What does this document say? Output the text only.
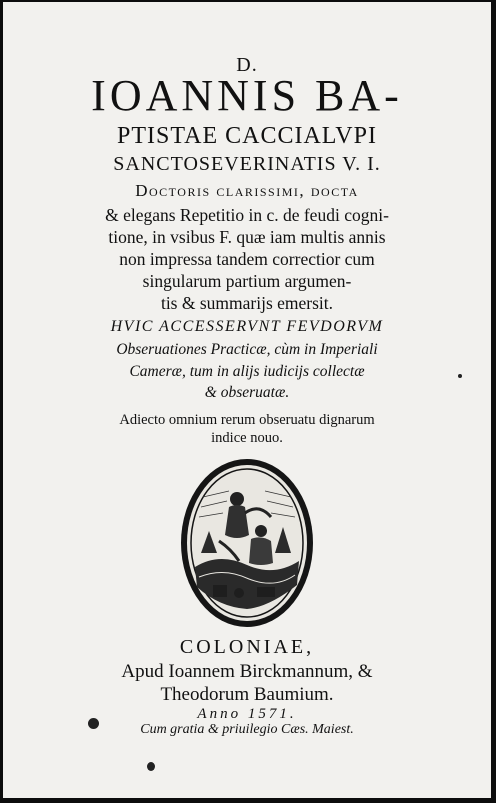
D.
IOANNIS BA-
PTISTAE CACCIALVPI
SANCTOSEVERINATIS V. I.
Doctoris clarissimi, docta
& elegans Repetitio in c. de feudi cogni-
tione, in vsibus F. quæ iam multis annis
non impressa tandem correctior cum
singularum partium argumen-
tis & summarijs emersit.
HVIC ACCESSERVNT FEVDORVM
Obseruationes Practicæ, cùm in Imperiali
Cameræ, tum in alijs iudicijs collectæ
& obseruatæ.
Adiecto omnium rerum obseruatu dignarum
indice nouo.
COLONIAE,
Apud Ioannem Birckmannum, &
Theodorum Baumium.
Anno 1571.
Cum gratia & priuilegio Cæs. Maiest.
